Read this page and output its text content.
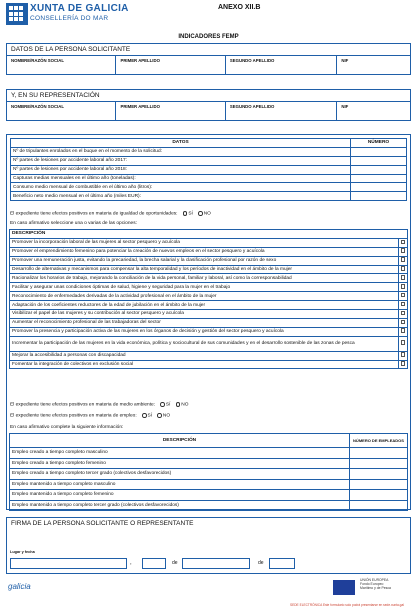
XUNTA DE GALICIA
CONSELLERÍA DO MAR
ANEXO XII.B
INDICADORES FEMP
DATOS DE LA PERSONA SOLICITANTE
NOMBRE/RAZÓN SOCIAL	PRIMER APELLIDO	SEGUNDO APELLIDO	NIF
Y, EN SU REPRESENTACIÓN
NOMBRE/RAZÓN SOCIAL	PRIMER APELLIDO	SEGUNDO APELLIDO	NIF
DATOS	NÚMERO
Nº de tripulantes enrolados en el buque en el momento de la solicitud:	
Nº partes de lesiones por accidente laboral año 2017:	
Nº partes de lesiones por accidente laboral año 2018:	
Capturas medias mensuales en el último año (toneladas):	
Consumo medio mensual de combustible en el último año (litros):	
Beneficio neto medio mensual en el último año (miles EUR):	
El expediente tiene efectos positivos en materia de igualdad de oportunidades: SÍ NO
En caso afirmativo seleccione una o varias de las opciones:
DESCRIPCIÓN	
Promover la incorporación laboral de las mujeres al sector pesquero y acuícola	
Promover el emprendimiento femenino para potenciar la creación de nuevos empleos en el sector pesquero y acuícola	
Promover una remuneración justa, evitando la precariedad, la brecha salarial y la clasificación profesional por razón de sexo	
Desarrollo de alternativas y mecanismos para compensar la alta temporalidad y los períodos de inactividad en el ámbito de la mujer	
Racionalizar los horarios de trabajo, mejorando la conciliación de la vida personal, familiar y laboral, así como la corresponsabilidad	
Facilitar y asegurar unas condiciones óptimas de salud, higiene y seguridad para la mujer en el trabajo	
Reconocimiento de enfermedades derivadas de la actividad profesional en el ámbito de la mujer	
Adaptación de los coeficientes reductores de la edad de jubilación en el ámbito de la mujer	
Visibilizar el papel de las mujeres y su contribución al sector pesquero y acuícola	
Aumentar el reconocimiento profesional de las trabajadoras del sector	
Promover la presencia y participación activa de las mujeres en los órganos de decisión y gestión del sector pesquero y acuícola	
Incrementar la participación de las mujeres en la vida económica, política y sociocultural de sus comunidades y en el desarrollo sostenible de las zonas de pesca	
Mejorar la accesibilidad a personas con discapacidad	
Fomentar la integración de colectivos en exclusión social	
El expediente tiene efectos positivos en materia de medio ambiente: SÍ NO
El expediente tiene efectos positivos en materia de empleo: SÍ NO
En caso afirmativo complete la siguiente información:
DESCRIPCIÓN	NÚMERO DE EMPLEADOS
Empleo creado a tiempo completo masculino	
Empleo creado a tiempo completo femenino	
Empleo creado a tiempo completo tercer grado (colectivos desfavorecidos)	
Empleo mantenido a tiempo completo masculino	
Empleo mantenido a tiempo completo femenino	
Empleo mantenido a tiempo completo tercer grado (colectivos desfavorecidos)	
FIRMA DE LA PERSONA SOLICITANTE O REPRESENTANTE
Lugar y fecha
,	de	de
galicia
UNIÓN EUROPEA
Fondo Europeo
Marítimo y de Pesca
SEDE ELECTRÓNICA Este formulario solo podrá presentarse en sede.xunta.gal
